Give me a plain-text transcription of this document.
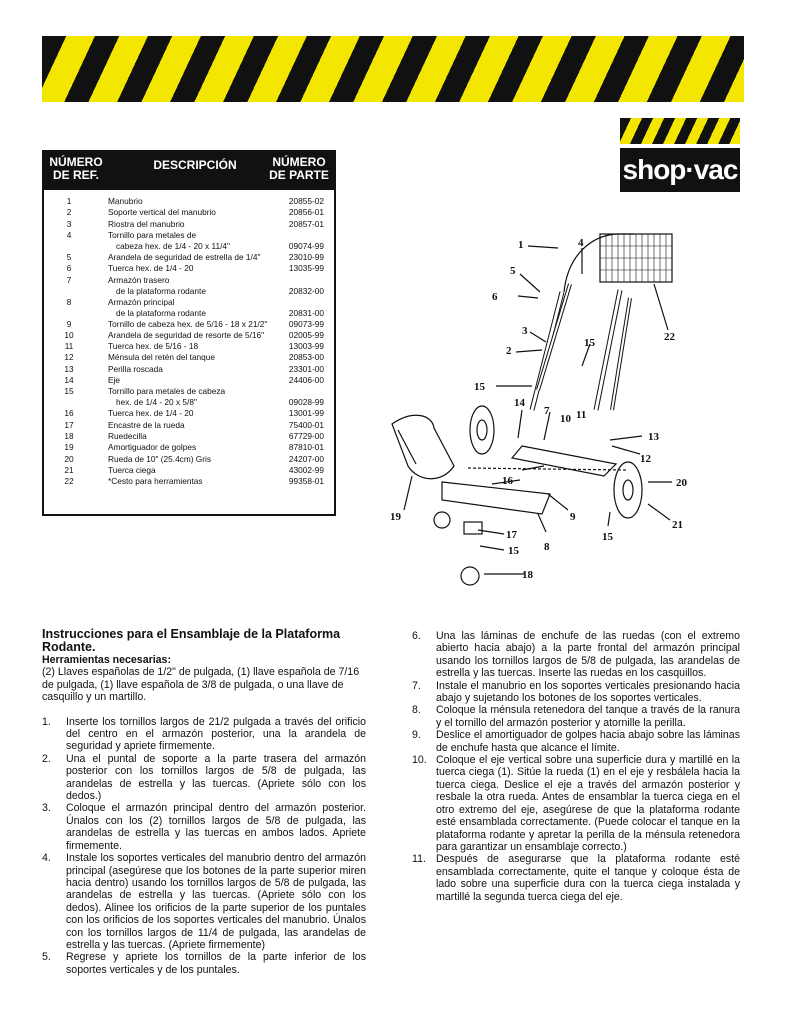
shop·vac
NÚMERO DE REF.
DESCRIPCIÓN	NÚMERO DE PARTE
1	Manubrio	20855-02
2	Soporte vertical del manubrio	20856-01
3	Riostra del manubrio	20857-01
4	Tornillo para metales de
cabeza hex. de 1/4 - 20 x 11/4"	09074-99
5	Arandela de seguridad de estrella de 1/4"	23010-99
6	Tuerca hex. de 1/4 - 20	13035-99
7	Armazón trasero
de la plataforma rodante	20832-00
8	Armazón principal
de la plataforma rodante	20831-00
9	Tornillo de cabeza hex. de 5/16 - 18 x 21/2"	09073-99
10	Arandela de seguridad de resorte de 5/16"	02005-99
11	Tuerca hex. de 5/16 - 18	13003-99
12	Ménsula del retén del tanque	20853-00
13	Perilla roscada	23301-00
14	Eje	24406-00
15	Tornillo para metales de cabeza
hex. de 1/4 - 20 x 5/8"	09028-99
16	Tuerca hex. de 1/4 - 20	13001-99
17	Encastre de la rueda	75400-01
18	Ruedecilla	67729-00
19	Amortiguador de golpes	87810-01
20	Rueda de 10" (25.4cm) Gris	24207-00
21	Tuerca ciega	43002-99
22	*Cesto para herramientas	99358-01
1
2
3
4
5
6
7
8
9
10 11
12
13
14
15
15
15
15
16
17
18
19
20
21
22
Instrucciones para el Ensamblaje de la Plataforma Rodante.
Herramientas necesarias:

(2) Llaves españolas de 1/2" de pulgada, (1) llave española de 7/16 de pulgada, (1) llave española de 3/8 de pulgada, o una llave de casquillo y un martillo.

1. Inserte los tornillos largos de 21/2 pulgada a través del orificio del centro en el armazón posterior, una la arandela de seguridad y apriete firmemente.

2. Una el puntal de soporte a la parte trasera del armazón posterior con los tornillos largos de 5/8 de pulgada, las arandelas de estrella y las tuercas. (Apriete sólo con los dedos.)

3. Coloque el armazón principal dentro del armazón posterior. Únalos con los (2) tornillos largos de 5/8 de pulgada, las arandelas de estrella y las tuercas en ambos lados. Apriete firmemente.

4. Instale los soportes verticales del manubrio dentro del armazón principal (asegúrese que los botones de la parte superior miren hacia dentro) usando los tornillos largos de 5/8 de pulgada, las arandelas de estrella y las tuercas. (Apriete sólo con los dedos). Alinee los orificios de la parte superior de los puntales con los orificios de los soportes verticales del manubrio. Únalos con los tornillos largos de 11/4 de pulgada, las arandelas de estrella y las tuercas. (Apriete firmemente)

5. Regrese y apriete los tornillos de la parte inferior de los soportes verticales y de los puntales.

6. Una las láminas de enchufe de las ruedas (con el extremo abierto hacia abajo) a la parte frontal del armazón principal usando los tornillos largos de 5/8 de pulgada, las arandelas de estrella y las tuercas. Inserte las ruedas en los casquillos.

7. Instale el manubrio en los soportes verticales presionando hacia abajo y sujetando los botones de los soportes verticales.

8. Coloque la ménsula retenedora del tanque a través de la ranura y el tornillo del armazón posterior y atornille la perilla.

9. Deslice el amortiguador de golpes hacia abajo sobre las láminas de enchufe hasta que alcance el límite.

10. Coloque el eje vertical sobre una superficie dura y martillé en la tuerca ciega (1). Sitúe la rueda (1) en el eje y resbálela hacia la tuerca ciega. Deslice el eje a través del armazón posterior y resbale la otra rueda. Antes de ensamblar la tuerca ciega en el otro extremo del eje, asegúrese de que la plataforma rodante esté ensamblada correctamente. (Puede colocar el tanque en la plataforma rodante y apretar la perilla de la ménsula retenedora para garantizar un ensamblaje correcto.)

11. Después de asegurarse que la plataforma rodante esté ensamblada correctamente, quite el tanque y coloque ésta de lado sobre una superficie dura con la tuerca ciega instalada y martillé la segunda tuerca ciega del eje.
